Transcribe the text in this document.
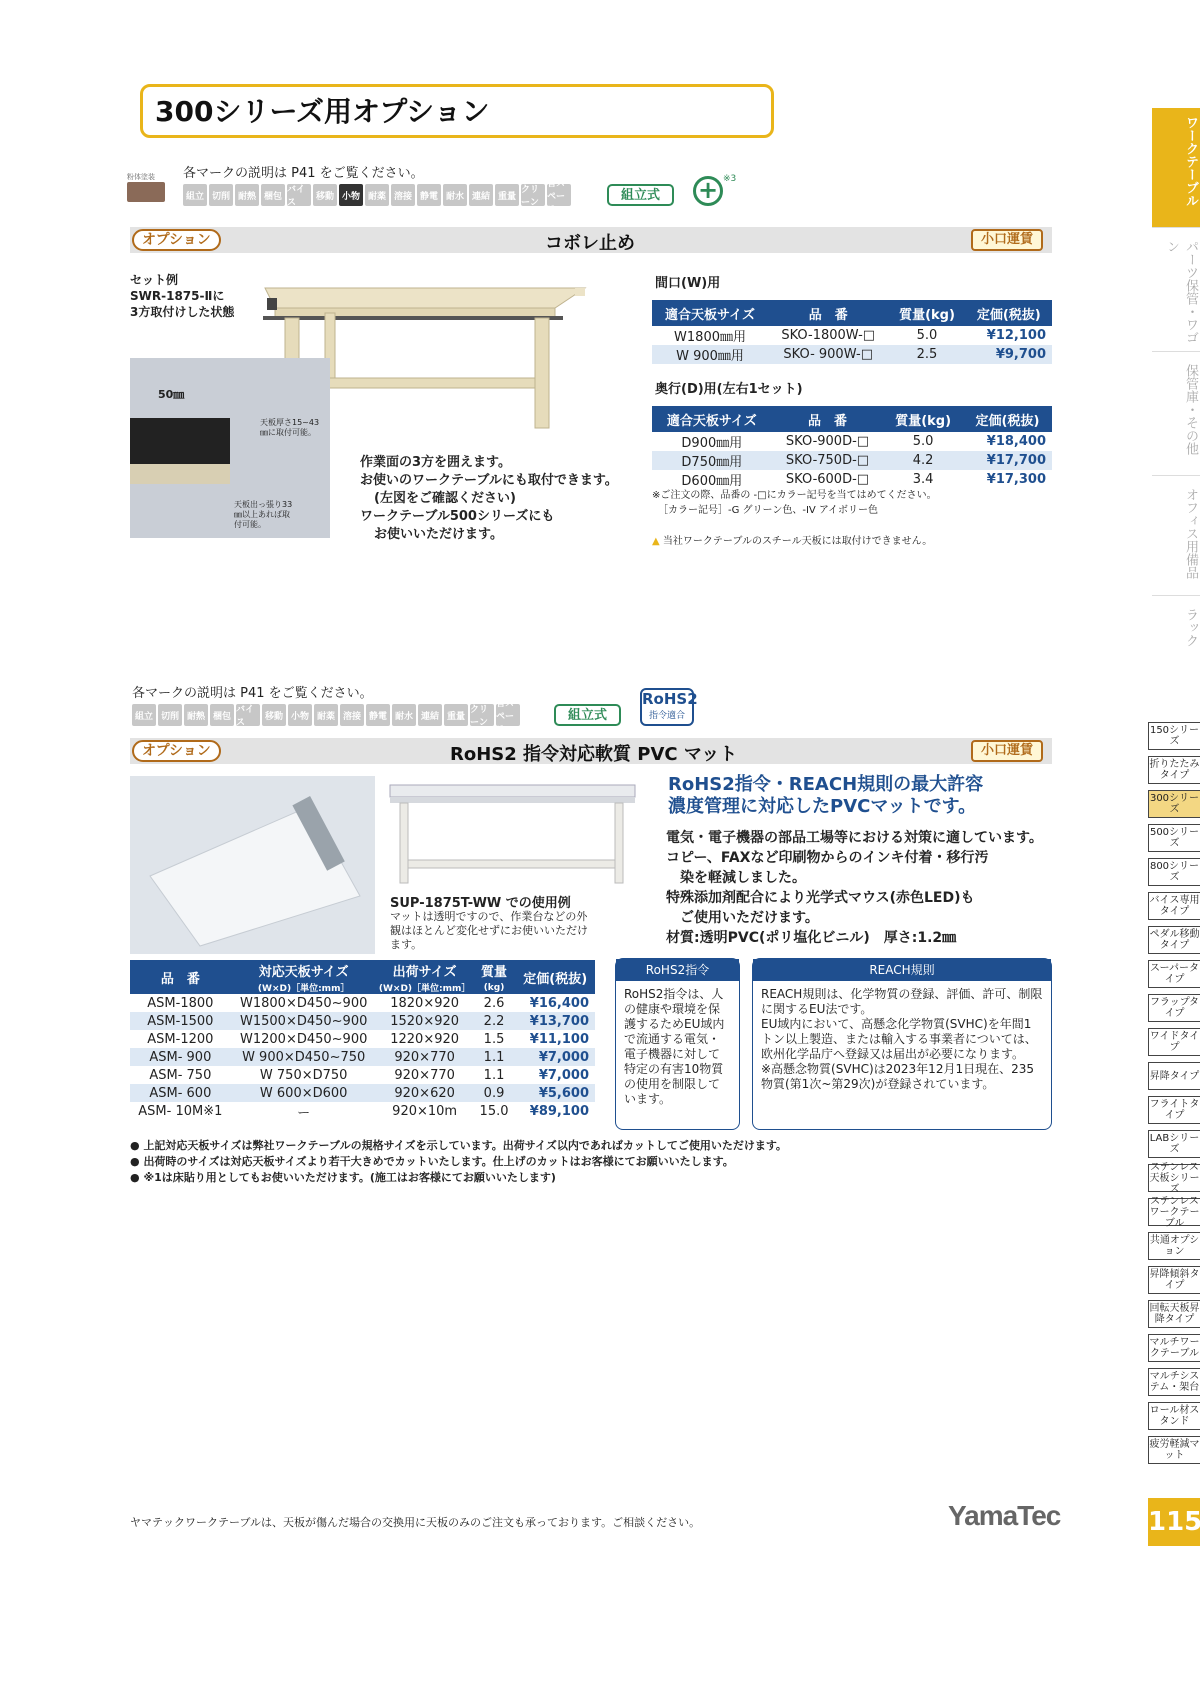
300シリーズ用オプション
各マークの説明は P41 をご覧ください。
粉体塗装
組立 切削 耐熱 梱包
バイス
移動 小物 耐薬 溶接 静電 耐水 連結 重量
クリーン
省スペース
組立式	+ ※3
オプション	コボレ止め	小口運賃
セット例
SWR-1875-Ⅱに
3方取付けした状態
50㎜
天板厚さ15~43㎜に取付可能。
天板出っ張り33㎜以上あれば取付可能。
作業面の3方を囲えます。
お使いのワークテーブルにも取付できます。
(左図をご確認ください)
ワークテーブル500シリーズにも
お使いいただけます。
間口(W)用
適合天板サイズ	品　番	質量(kg)	定価(税抜)
W1800㎜用	SKO-1800W-□	5.0	¥12,100
W 900㎜用	SKO- 900W-□	2.5	¥9,700
奥行(D)用(左右1セット)
適合天板サイズ	品　番	質量(kg)	定価(税抜)
D900㎜用	SKO-900D-□	5.0	¥18,400
D750㎜用	SKO-750D-□	4.2	¥17,700
D600㎜用	SKO-600D-□	3.4	¥17,300
※ご注文の際、品番の -□にカラー記号を当てはめてください。
［カラー記号］-G グリーン色、-IV アイボリー色
▲ 当社ワークテーブルのスチール天板には取付けできません。
各マークの説明は P41 をご覧ください。
組立 切削 耐熱 梱包
バイス
移動 小物 耐薬 溶接 静電 耐水 連結 重量
クリーン
省スペース
組立式
RoHS2
指令適合
オプション	RoHS2 指令対応軟質 PVC マット	小口運賃
SUP-1875T-WW での使用例
マットは透明ですので、作業台などの外観はほとんど変化せずにお使いいただけます。
RoHS2指令・REACH規則の最大許容
濃度管理に対応したPVCマットです。
電気・電子機器の部品工場等における対策に適しています。
コピー、FAXなど印刷物からのインキ付着・移行汚
染を軽減しました。
特殊添加剤配合により光学式マウス(赤色LED)も
ご使用いただけます。
材質:透明PVC(ポリ塩化ビニル)　厚さ:1.2㎜
品　番	対応天板サイズ	出荷サイズ	質量	定価(税抜)
	(W×D)［単位:mm］	(W×D)［単位:mm］	(kg)	
ASM-1800	W1800×D450~900	1820×920	2.6	¥16,400
ASM-1500	W1500×D450~900	1520×920	2.2	¥13,700
ASM-1200	W1200×D450~900	1220×920	1.5	¥11,100
ASM- 900	W 900×D450~750	920×770	1.1	¥7,000
ASM- 750	W 750×D750	920×770	1.1	¥7,000
ASM- 600	W 600×D600	920×620	0.9	¥5,600
ASM- 10M※1	ー	920×10m	15.0	¥89,100
RoHS2指令
RoHS2指令は、人の健康や環境を保護するためEU域内で流通する電気・電子機器に対して特定の有害10物質の使用を制限しています。
REACH規則
REACH規則は、化学物質の登録、評価、許可、制限に関するEU法です。
EU域内において、高懸念化学物質(SVHC)を年間1トン以上製造、または輸入する事業者については、欧州化学品庁へ登録又は届出が必要になります。
※高懸念物質(SVHC)は2023年12月1日現在、235物質(第1次~第29次)が登録されています。
● 上記対応天板サイズは弊社ワークテーブルの規格サイズを示しています。出荷サイズ以内であればカットしてご使用いただけます。
● 出荷時のサイズは対応天板サイズより若干大きめでカットいたします。仕上げのカットはお客様にてお願いいたします。
● ※1は床貼り用としてもお使いいただけます。(施工はお客様にてお願いいたします)
ワークテーブル
パーツ保管・ワゴン
保管庫・その他
オフィス用備品
ラック
150シリーズ
折りたたみタイプ
300シリーズ
500シリーズ
800シリーズ
バイス専用タイプ
ペダル移動タイプ
スーパータイプ
フラップタイプ
ワイドタイプ
昇降タイプ
フライトタイプ
LABシリーズ
ステンレス天板シリーズ
ステンレスワークテーブル
共通オプション
昇降傾斜タイプ
回転天板昇降タイプ
マルチワークテーブル
マルチシステム・架台
ロール材スタンド
疲労軽減マット
ヤマテックワークテーブルは、天板が傷んだ場合の交換用に天板のみのご注文も承っております。ご相談ください。	YamaTec	115
